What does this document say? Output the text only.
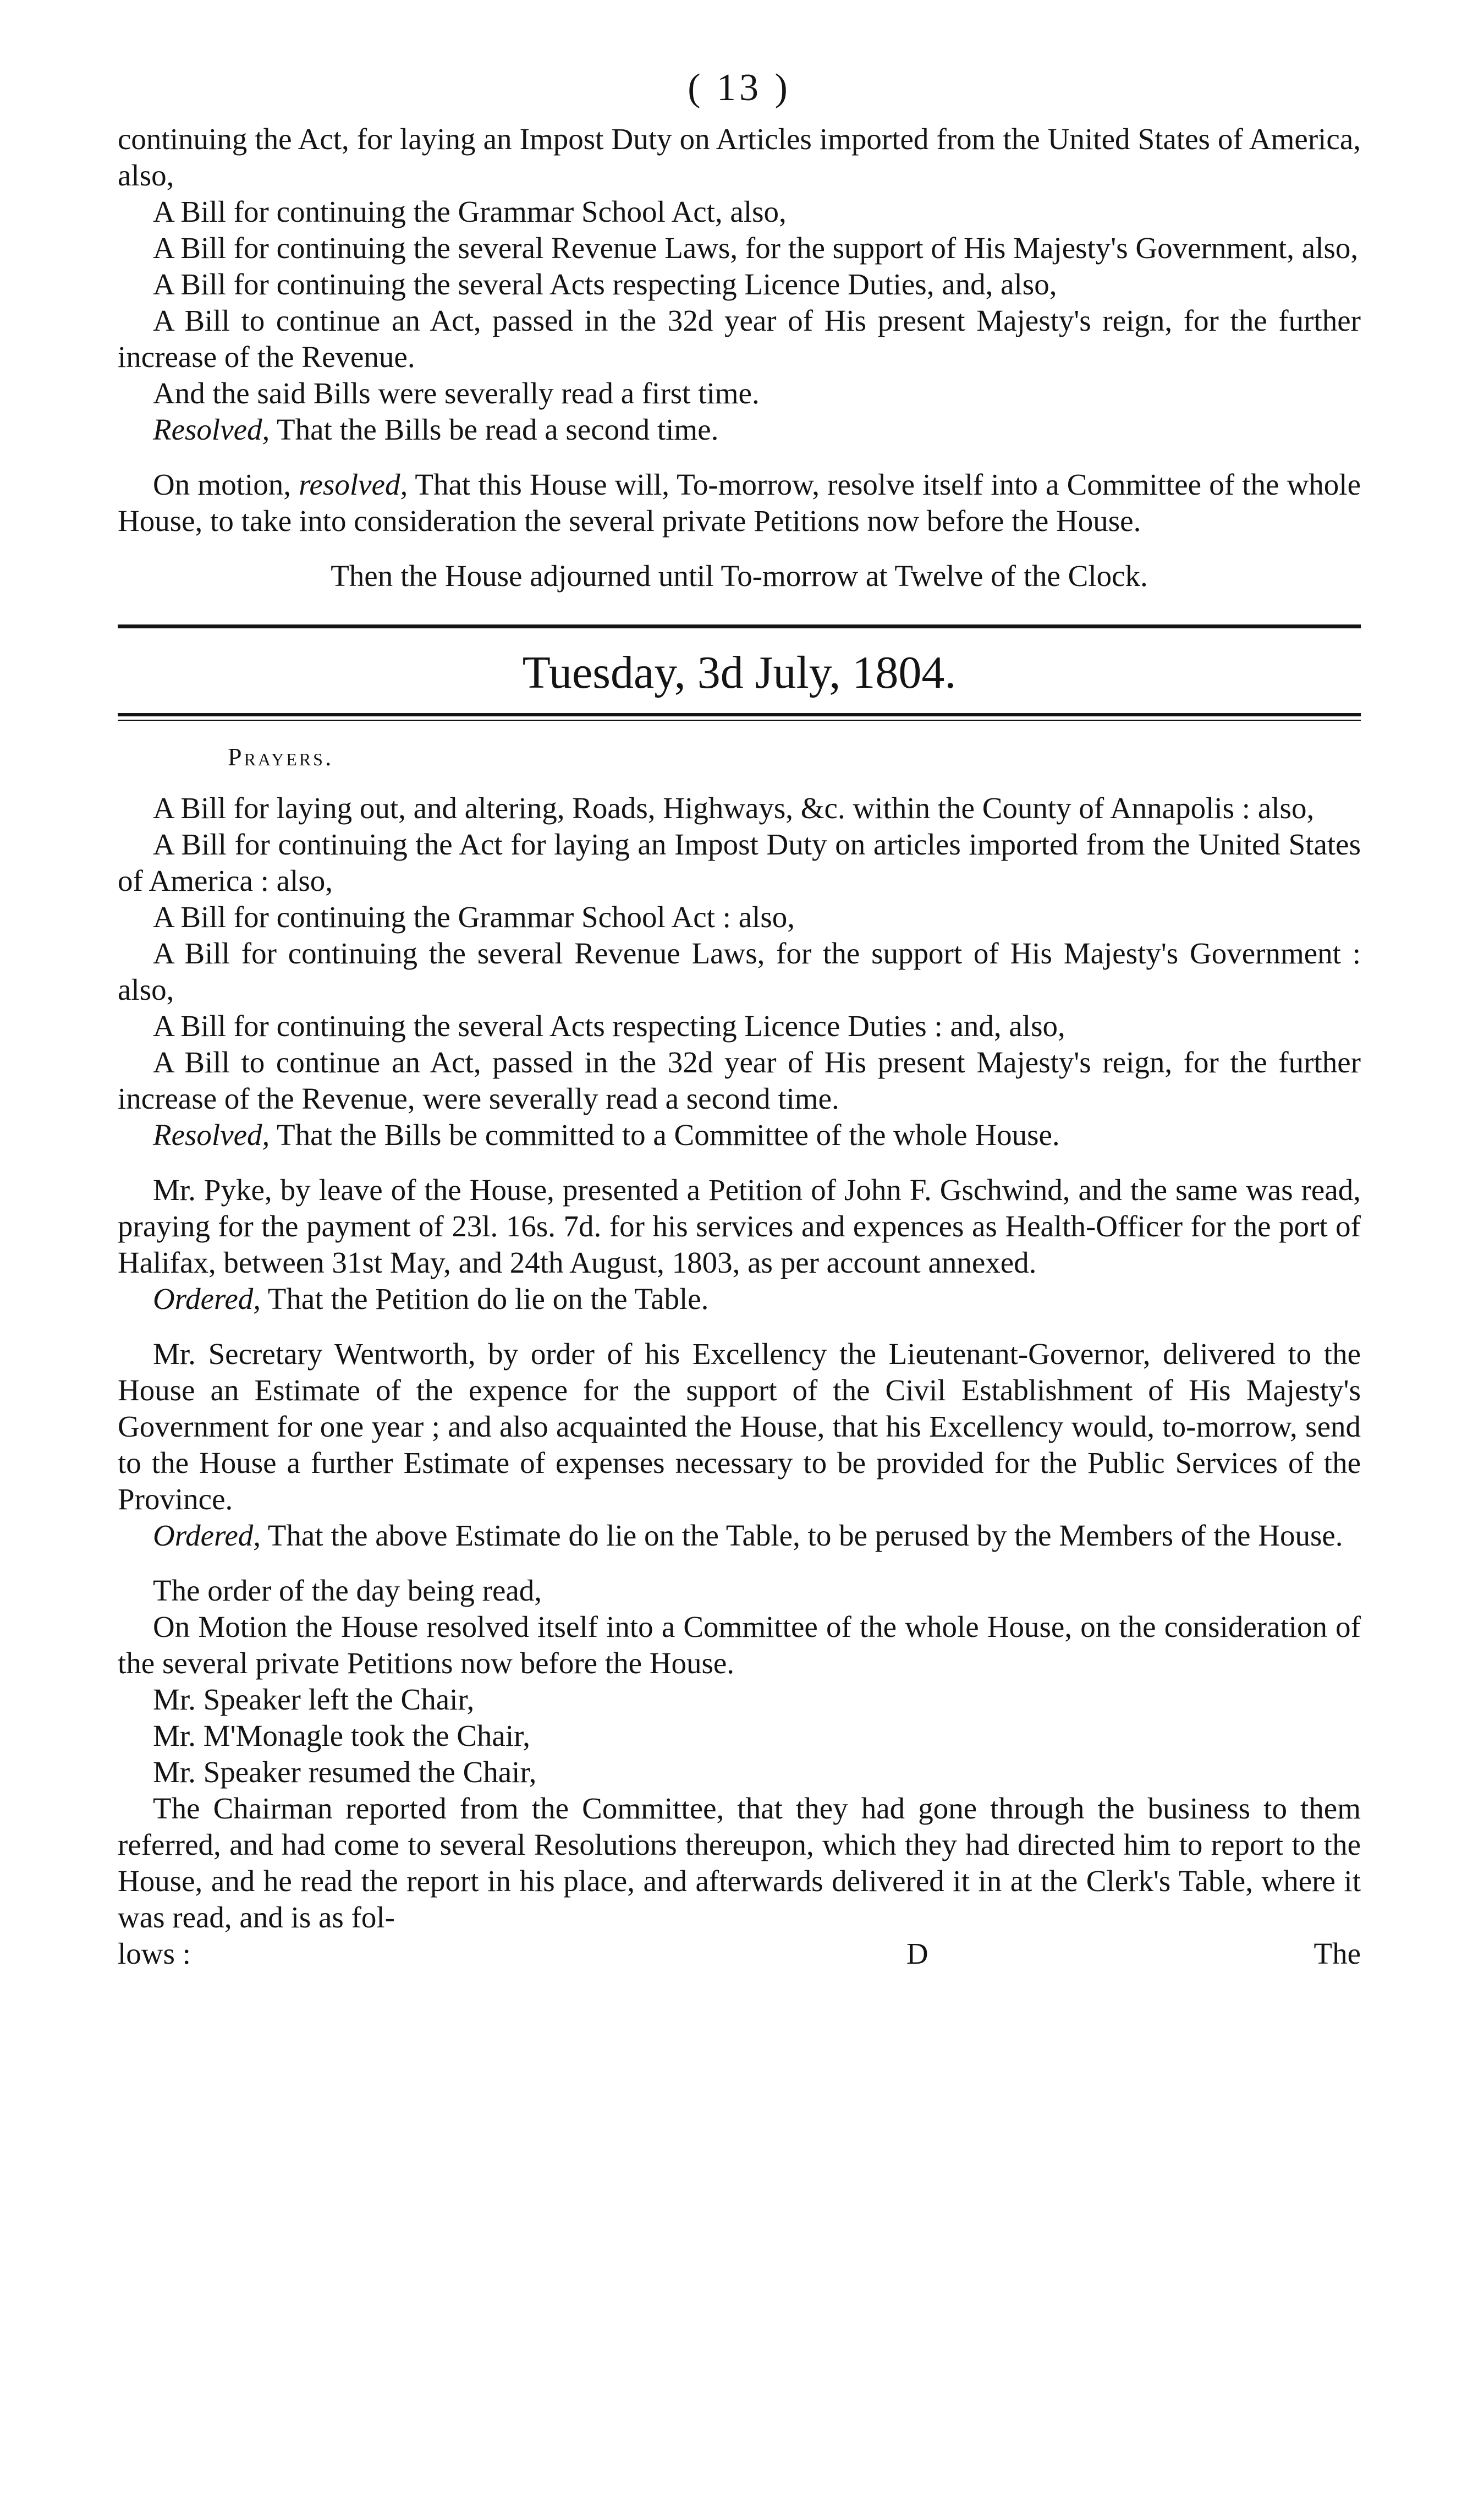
( 13 )

continuing the Act, for laying an Impost Duty on Articles imported from the United States of America, also,

A Bill for continuing the Grammar School Act, also,

A Bill for continuing the several Revenue Laws, for the support of His Majesty's Government, also,

A Bill for continuing the several Acts respecting Licence Duties, and, also,

A Bill to continue an Act, passed in the 32d year of His present Majesty's reign, for the further increase of the Revenue.

And the said Bills were severally read a first time.

Resolved, That the Bills be read a second time.

On motion, resolved, That this House will, To-morrow, resolve itself into a Committee of the whole House, to take into consideration the several private Petitions now before the House.

Then the House adjourned until To-morrow at Twelve of the Clock.

Tuesday, 3d July, 1804.
Prayers.

A Bill for laying out, and altering, Roads, Highways, &c. within the County of Annapolis : also,

A Bill for continuing the Act for laying an Impost Duty on articles imported from the United States of America : also,

A Bill for continuing the Grammar School Act : also,

A Bill for continuing the several Revenue Laws, for the support of His Majesty's Government : also,

A Bill for continuing the several Acts respecting Licence Duties : and, also,

A Bill to continue an Act, passed in the 32d year of His present Majesty's reign, for the further increase of the Revenue, were severally read a second time.

Resolved, That the Bills be committed to a Committee of the whole House.

Mr. Pyke, by leave of the House, presented a Petition of John F. Gschwind, and the same was read, praying for the payment of 23l. 16s. 7d. for his services and expences as Health-Officer for the port of Halifax, between 31st May, and 24th August, 1803, as per account annexed.

Ordered, That the Petition do lie on the Table.

Mr. Secretary Wentworth, by order of his Excellency the Lieutenant-Governor, delivered to the House an Estimate of the expence for the support of the Civil Establishment of His Majesty's Government for one year ; and also acquainted the House, that his Excellency would, to-morrow, send to the House a further Estimate of expenses necessary to be provided for the Public Services of the Province.

Ordered, That the above Estimate do lie on the Table, to be perused by the Members of the House.

The order of the day being read,

On Motion the House resolved itself into a Committee of the whole House, on the consideration of the several private Petitions now before the House.

Mr. Speaker left the Chair,

Mr. M'Monagle took the Chair,

Mr. Speaker resumed the Chair,

The Chairman reported from the Committee, that they had gone through the business to them referred, and had come to several Resolutions thereupon, which they had directed him to report to the House, and he read the report in his place, and afterwards delivered it in at the Clerk's Table, where it was read, and is as fol-

lows :	D	The
